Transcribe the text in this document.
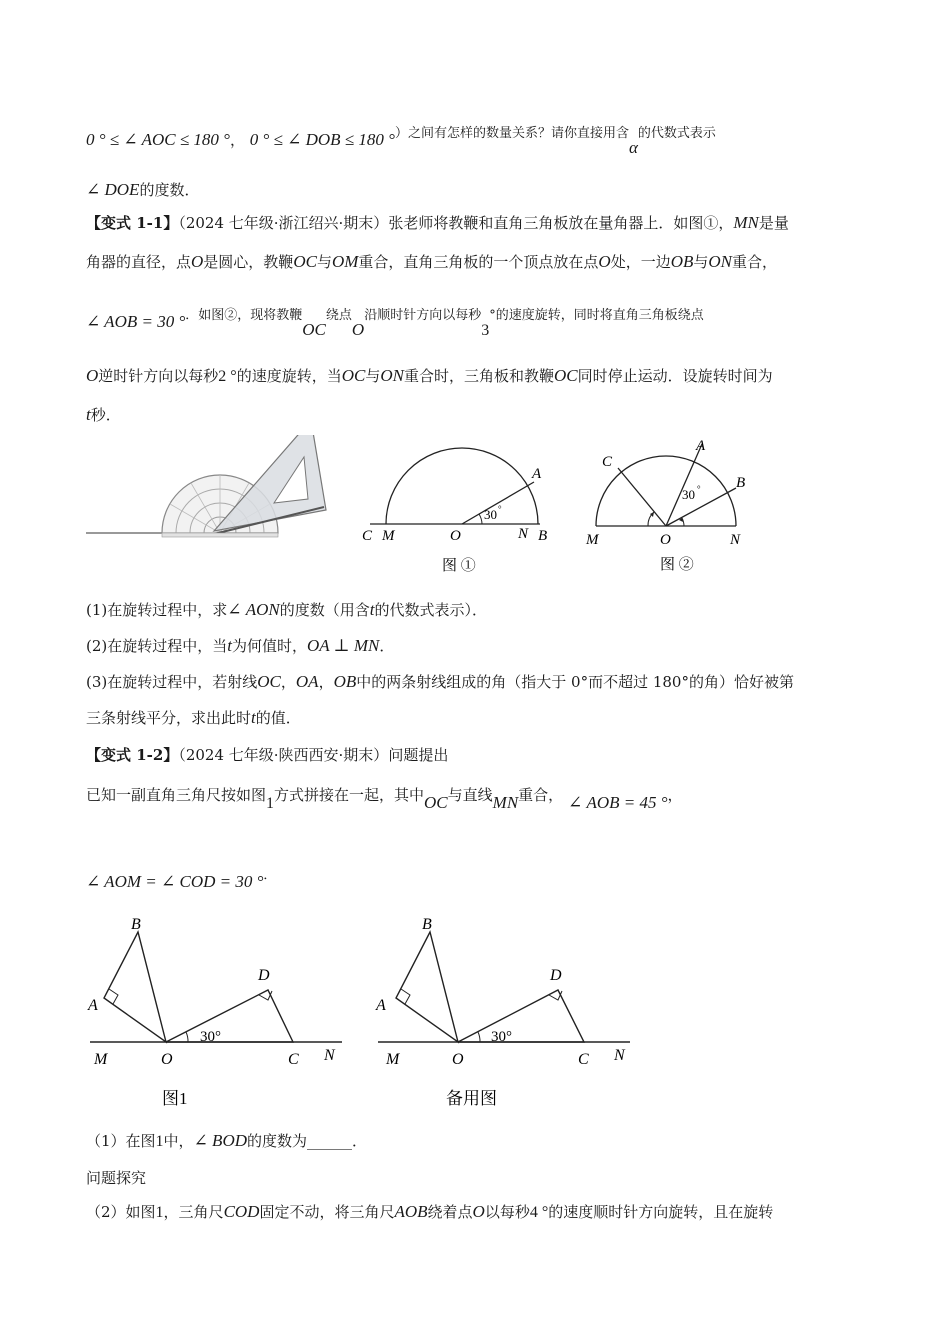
0 ° ≤ ∠ AOC ≤ 180 °， 0 ° ≤ ∠ DOB ≤ 180 °）之间有怎样的数量关系？请你直接用含α的代数式表示
∠ DOE的度数．
【变式 1-1】（2024 七年级·浙江绍兴·期末）张老师将教鞭和直角三角板放在量角器上．如图①，MN是量
角器的直径，点O是圆心，教鞭OC与OM重合，直角三角板的一个顶点放在点O处，一边OB与ON重合，
∠ AOB = 30 °．如图②，现将教鞭OC绕点O沿顺时针方向以每秒3°的速度旋转，同时将直角三角板绕点
O逆时针方向以每秒2 °的速度旋转，当OC与ON重合时，三角板和教鞭OC同时停止运动．设旋转时间为
t秒．
30 °
A
C M	O	N B
图 ①
30 °
C
A
B
M	O	N
图 ②
(1)在旋转过程中，求∠ AON的度数（用含t的代数式表示）．
(2)在旋转过程中，当t为何值时，OA ⊥ MN．
(3)在旋转过程中，若射线OC，OA，OB中的两条射线组成的角（指大于 0°而不超过 180°的角）恰好被第
三条射线平分，求出此时t的值．
【变式 1-2】（2024 七年级·陕西西安·期末）问题提出
已知一副直角三角尺按如图1方式拼接在一起，其中OC与直线MN重合， ∠ AOB = 45 °，
∠ AOM = ∠ COD = 30 °．
30°
B
A
D
M	O	C N
图1
30°
B
A
D
M	O	C N
备用图
（1）在图1中，∠ BOD的度数为______．
问题探究
（2）如图1，三角尺COD固定不动，将三角尺AOB绕着点O以每秒4 °的速度顺时针方向旋转，且在旋转
